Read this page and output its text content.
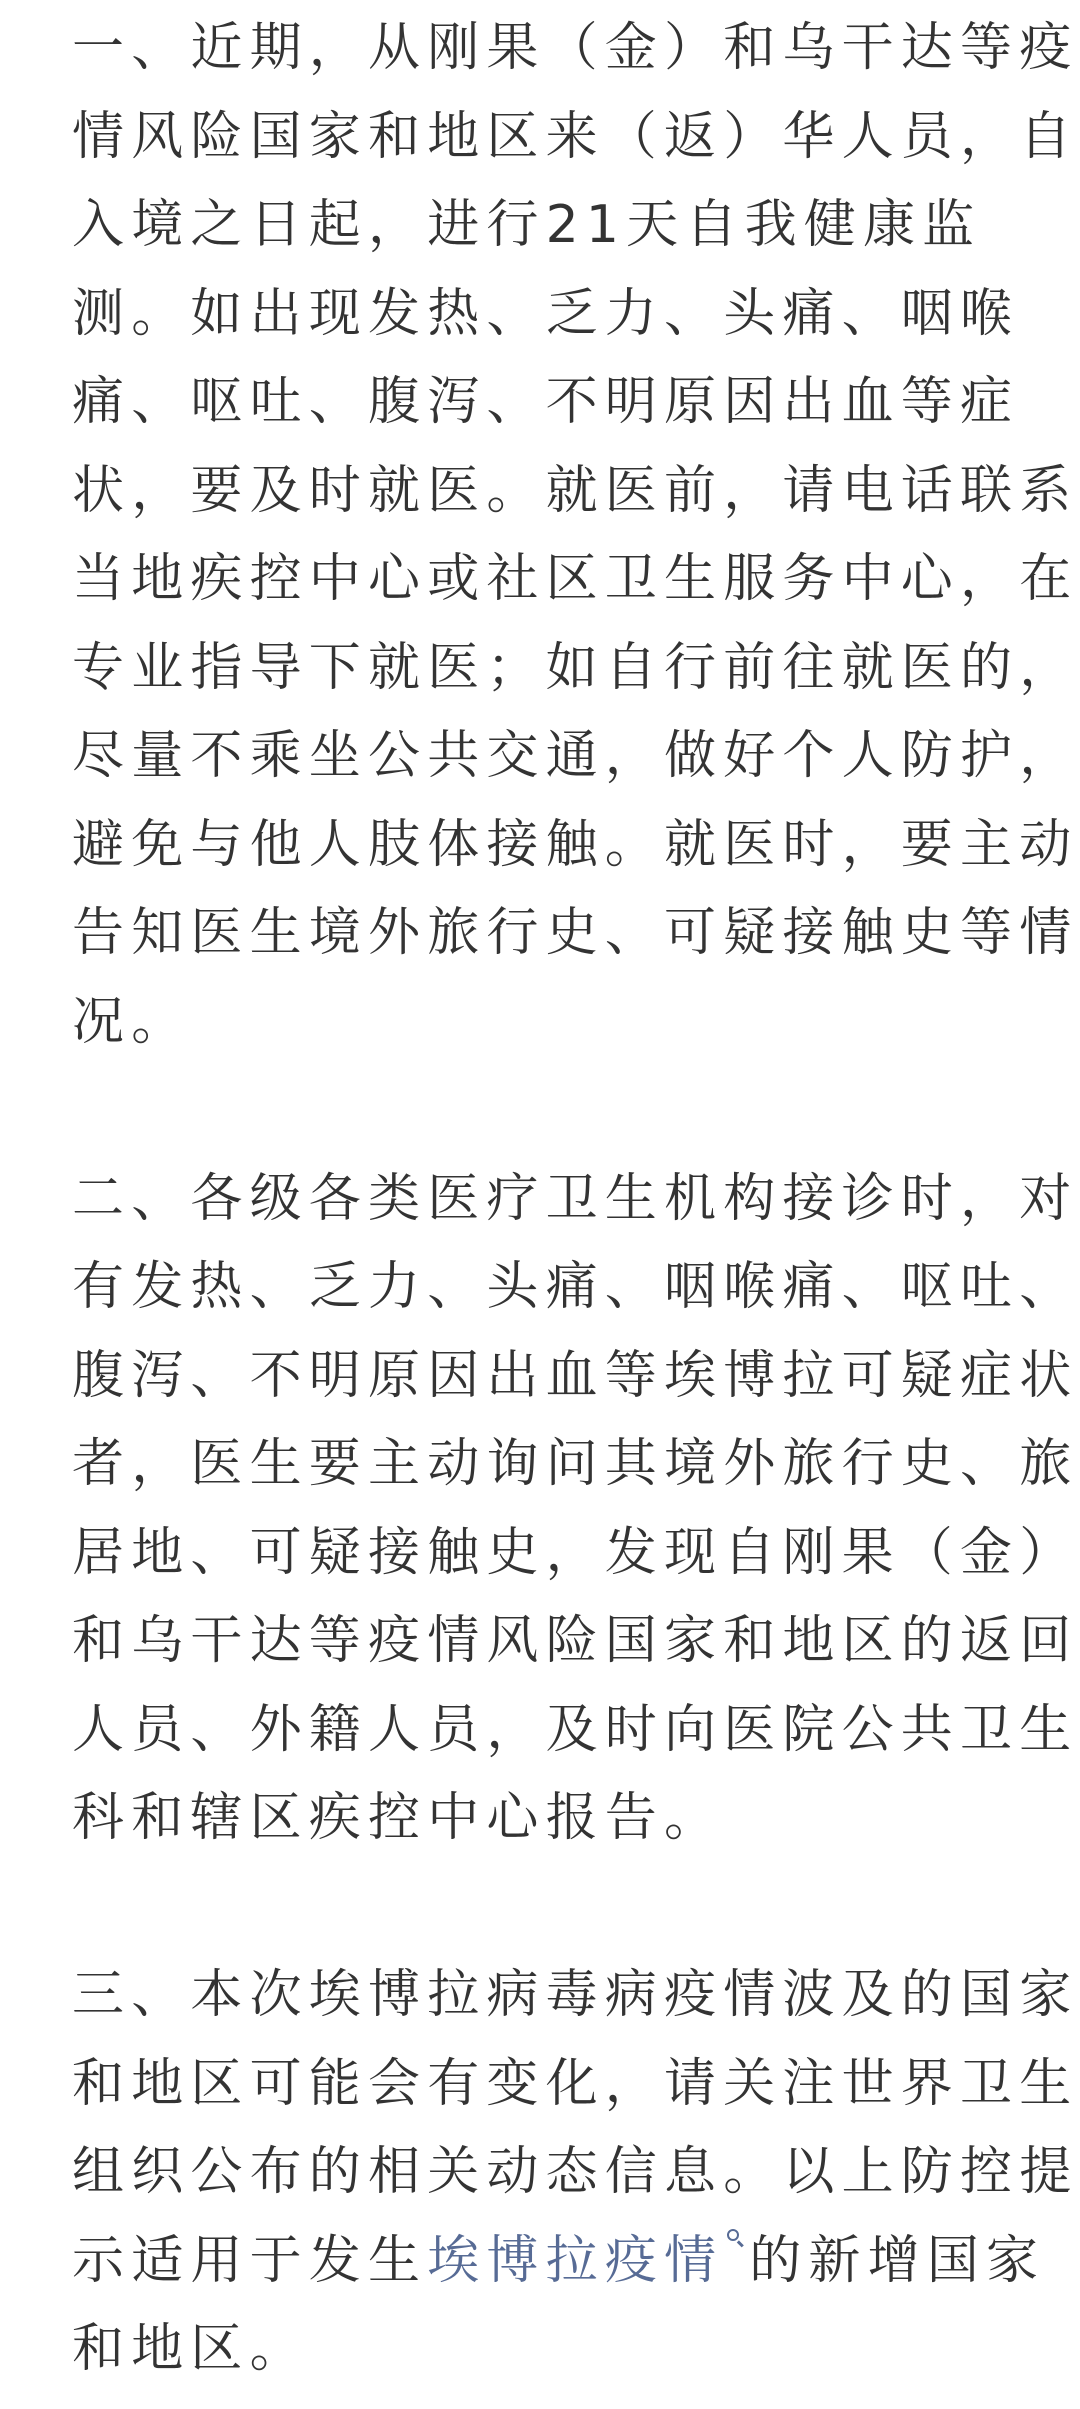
一、近期，从刚果（金）和乌干达等疫
情风险国家和地区来（返）华人员，自
入境之日起，进行21天自我健康监
测。如出现发热、乏力、头痛、咽喉
痛、呕吐、腹泻、不明原因出血等症
状，要及时就医。就医前，请电话联系
当地疾控中心或社区卫生服务中心，在
专业指导下就医；如自行前往就医的，
尽量不乘坐公共交通，做好个人防护，
避免与他人肢体接触。就医时，要主动
告知医生境外旅行史、可疑接触史等情
况。
二、各级各类医疗卫生机构接诊时，对
有发热、乏力、头痛、咽喉痛、呕吐、
腹泻、不明原因出血等埃博拉可疑症状
者，医生要主动询问其境外旅行史、旅
居地、可疑接触史，发现自刚果（金）
和乌干达等疫情风险国家和地区的返回
人员、外籍人员，及时向医院公共卫生
科和辖区疾控中心报告。
三、本次埃博拉病毒病疫情波及的国家
和地区可能会有变化，请关注世界卫生
组织公布的相关动态信息。以上防控提
示适用于发生埃博拉疫情 的新增国家
和地区。
